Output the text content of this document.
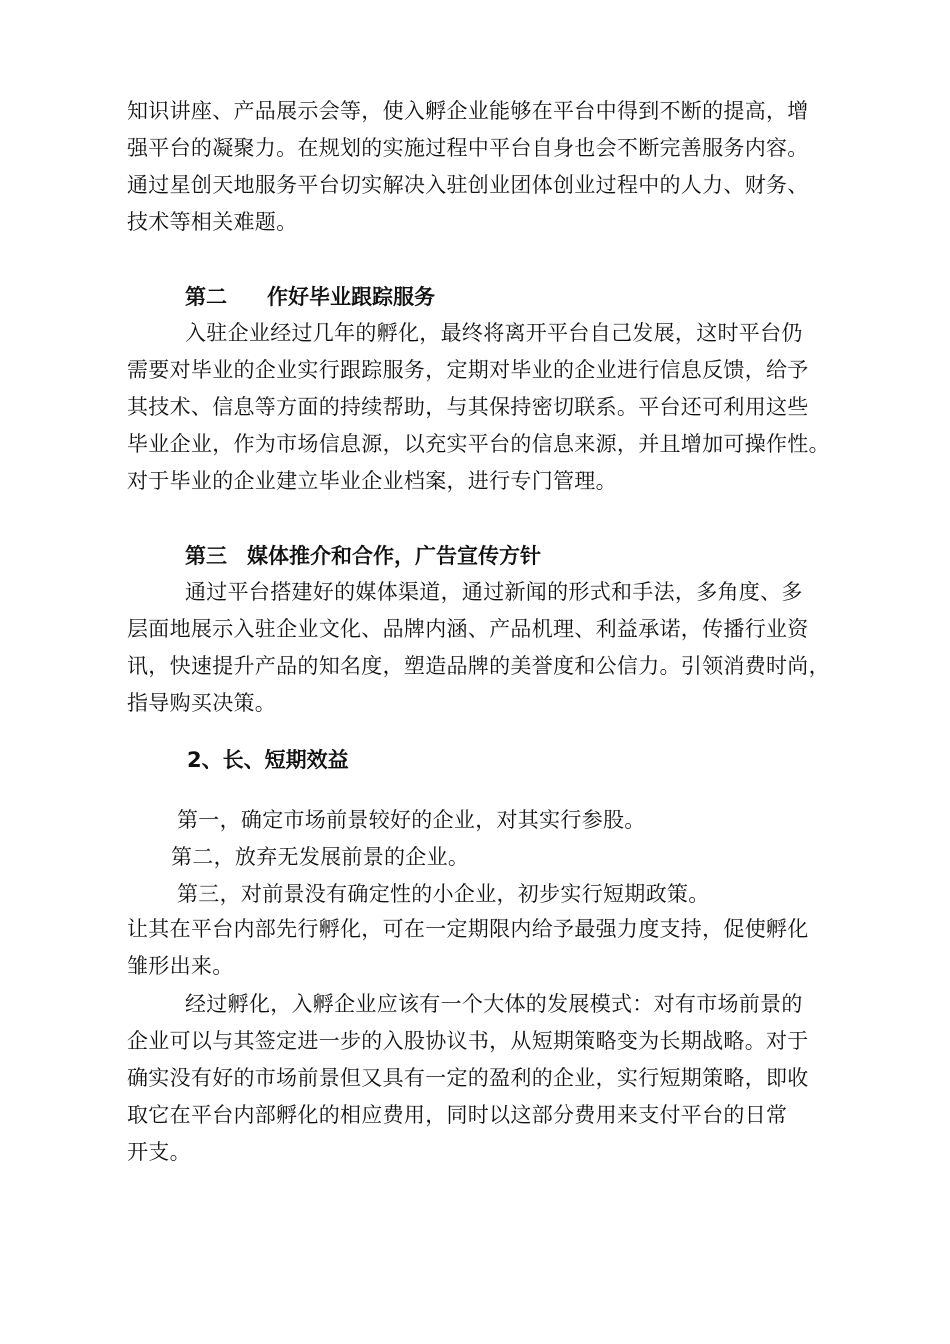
知识讲座、产品展示会等，使入孵企业能够在平台中得到不断的提高，增
强平台的凝聚力。在规划的实施过程中平台自身也会不断完善服务内容。
通过星创天地服务平台切实解决入驻创业团体创业过程中的人力、财务、
技术等相关难题。
第二 作好毕业跟踪服务
入驻企业经过几年的孵化，最终将离开平台自己发展，这时平台仍
需要对毕业的企业实行跟踪服务，定期对毕业的企业进行信息反馈，给予
其技术、信息等方面的持续帮助，与其保持密切联系。平台还可利用这些
毕业企业，作为市场信息源，以充实平台的信息来源，并且增加可操作性。
对于毕业的企业建立毕业企业档案，进行专门管理。
第三 媒体推介和合作，广告宣传方针
通过平台搭建好的媒体渠道，通过新闻的形式和手法，多角度、多
层面地展示入驻企业文化、品牌内涵、产品机理、利益承诺，传播行业资
讯，快速提升产品的知名度，塑造品牌的美誉度和公信力。引领消费时尚，
指导购买决策。
2、长、短期效益
第一，确定市场前景较好的企业，对其实行参股。
第二，放弃无发展前景的企业。
第三，对前景没有确定性的小企业，初步实行短期政策。
让其在平台内部先行孵化，可在一定期限内给予最强力度支持，促使孵化
雏形出来。
经过孵化，入孵企业应该有一个大体的发展模式：对有市场前景的
企业可以与其签定进一步的入股协议书，从短期策略变为长期战略。对于
确实没有好的市场前景但又具有一定的盈利的企业，实行短期策略，即收
取它在平台内部孵化的相应费用，同时以这部分费用来支付平台的日常
开支。
